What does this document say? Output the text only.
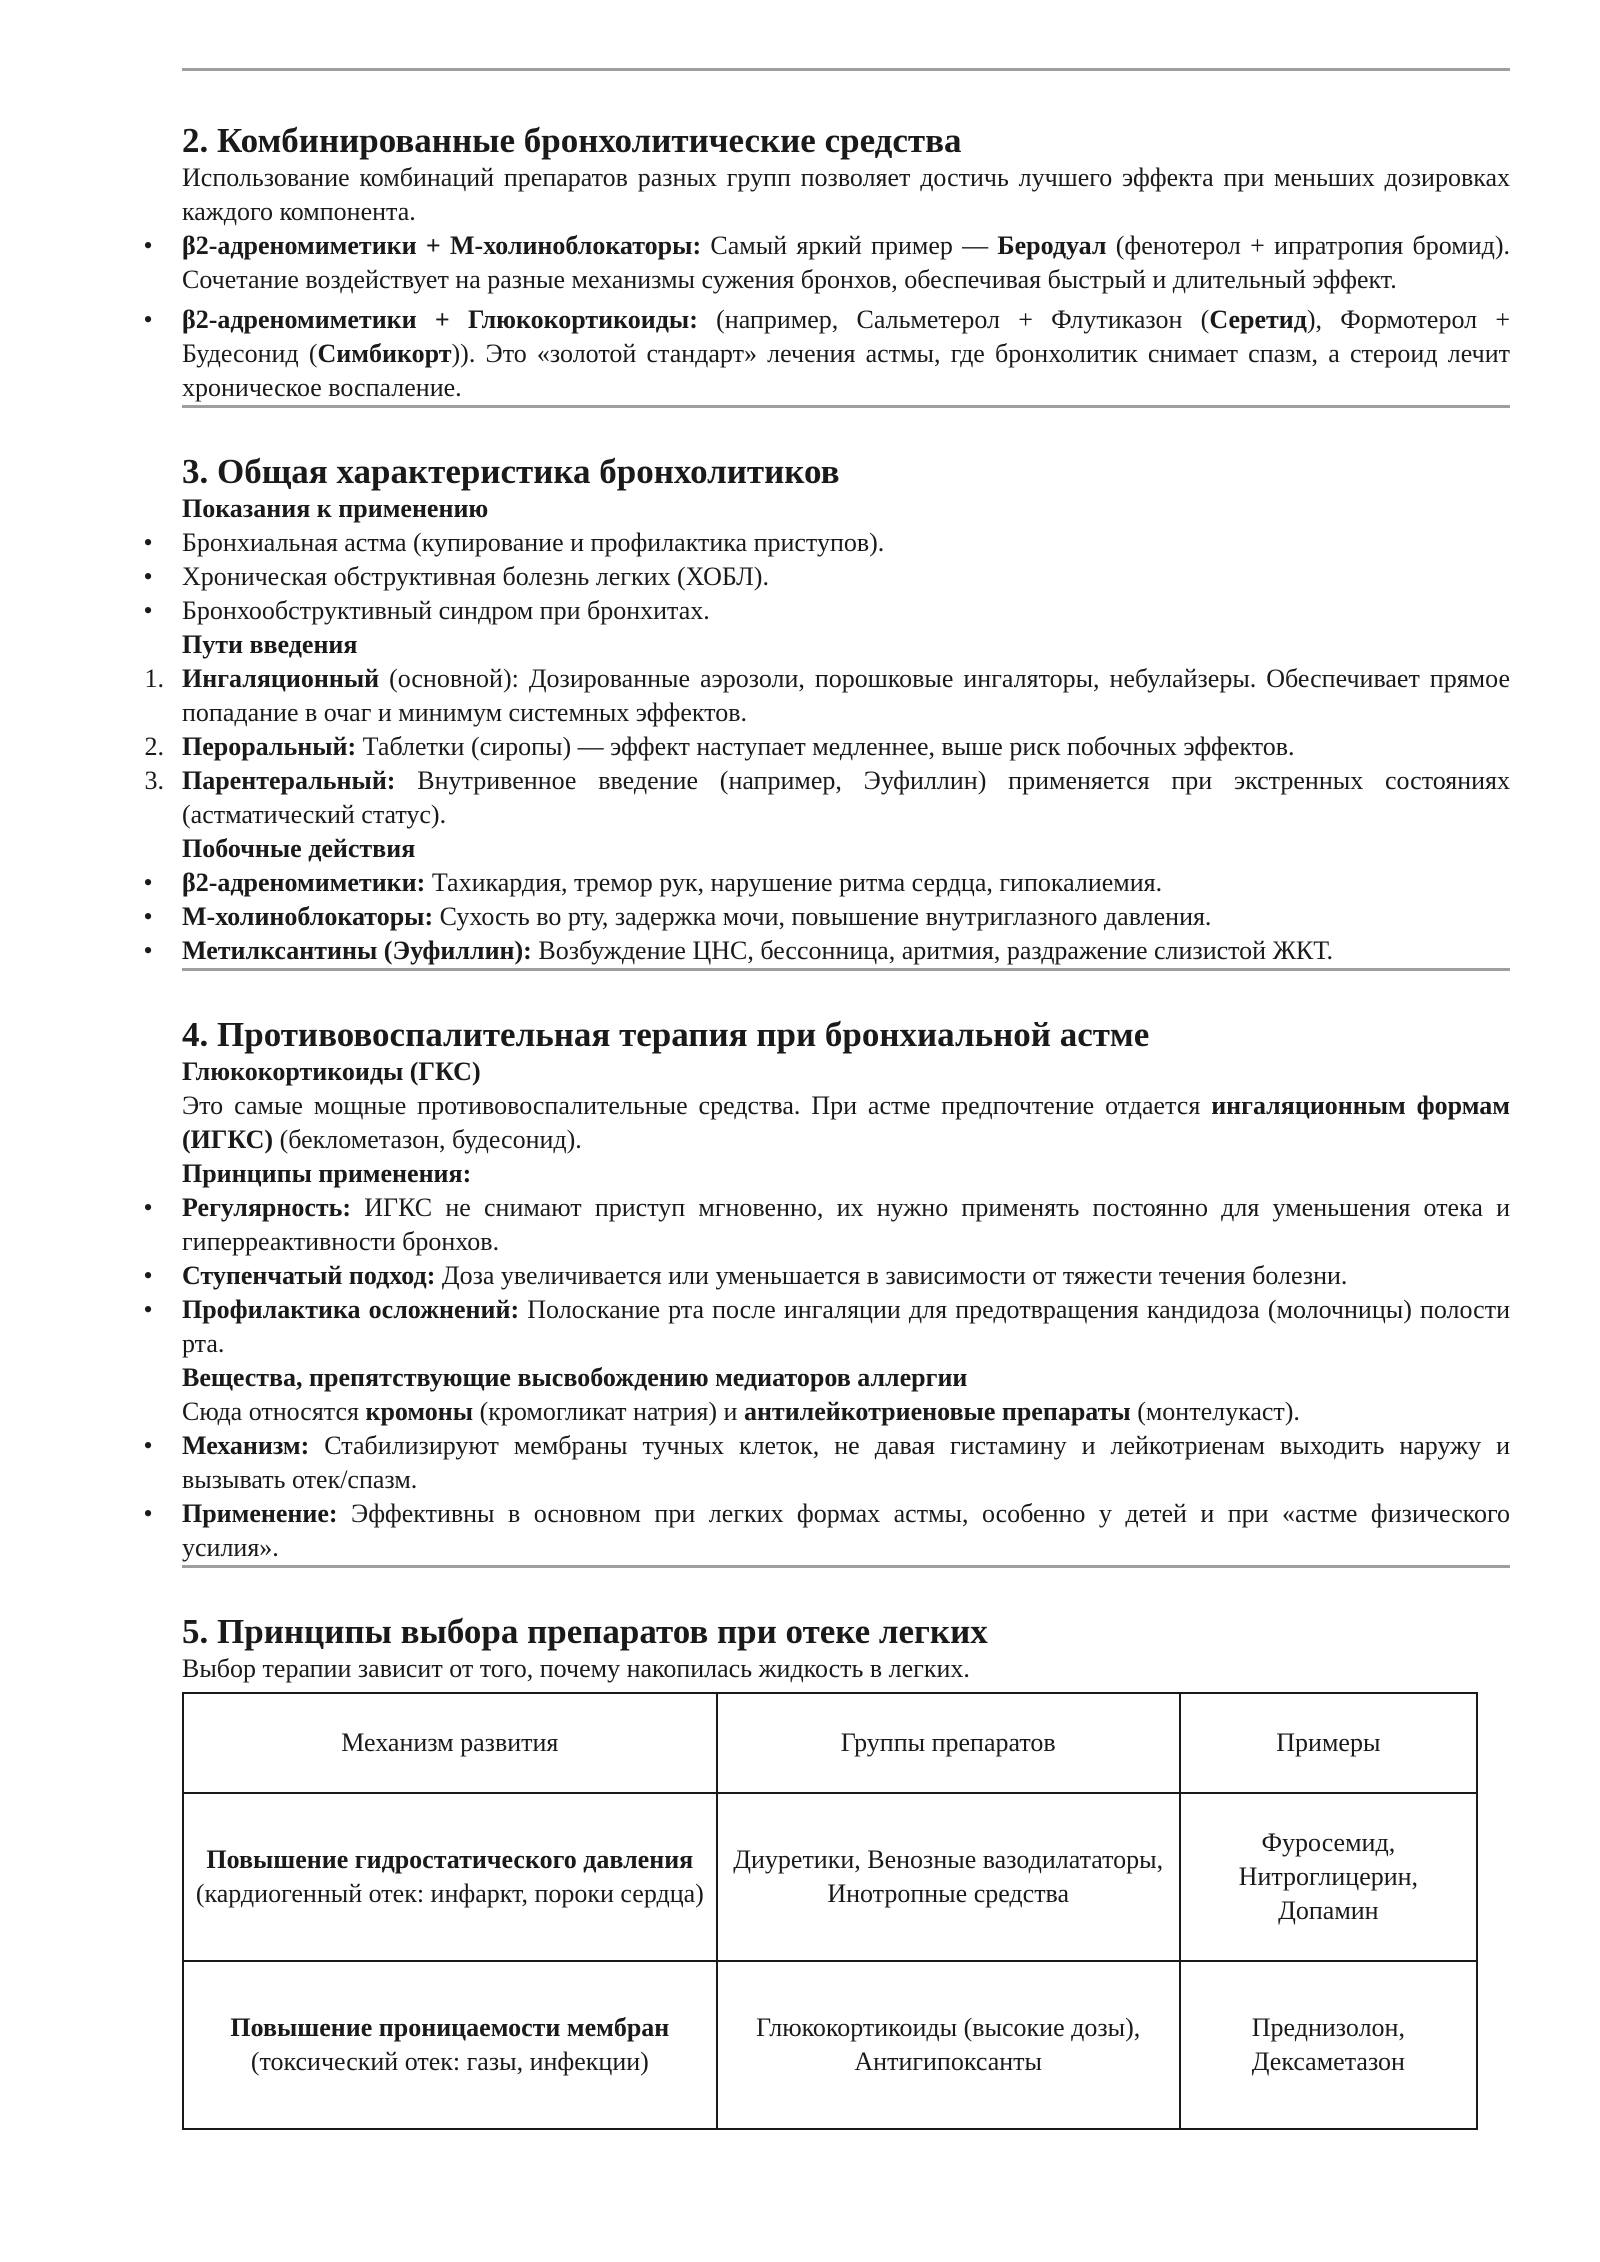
2. Комбинированные бронхолитические средства

Использование комбинаций препаратов разных групп позволяет достичь лучшего эффекта при меньших дозировках каждого компонента.

•	β2-адреномиметики + М-холиноблокаторы: Самый яркий пример — Беродуал (фенотерол + ипратропия бромид). Сочетание воздействует на разные механизмы сужения бронхов, обеспечивая быстрый и длительный эффект.
•	β2-адреномиметики + Глюкокортикоиды: (например, Сальметерол + Флутиказон (Серетид), Формотерол + Будесонид (Симбикорт)). Это «золотой стандарт» лечения астмы, где бронхолитик снимает спазм, а стероид лечит хроническое воспаление.
3. Общая характеристика бронхолитиков
Показания к применению
•	Бронхиальная астма (купирование и профилактика приступов).
•	Хроническая обструктивная болезнь легких (ХОБЛ).
•	Бронхообструктивный синдром при бронхитах.
Пути введения
1. Ингаляционный (основной): Дозированные аэрозоли, порошковые ингаляторы, небулайзеры. Обеспечивает прямое попадание в очаг и минимум системных эффектов.
2. Пероральный: Таблетки (сиропы) — эффект наступает медленнее, выше риск побочных эффектов.
3. Парентеральный: Внутривенное введение (например, Эуфиллин) применяется при экстренных состояниях (астматический статус).
Побочные действия
•	β2-адреномиметики: Тахикардия, тремор рук, нарушение ритма сердца, гипокалиемия.
•	М-холиноблокаторы: Сухость во рту, задержка мочи, повышение внутриглазного давления.
•	Метилксантины (Эуфиллин): Возбуждение ЦНС, бессонница, аритмия, раздражение слизистой ЖКТ.
4. Противовоспалительная терапия при бронхиальной астме
Глюкокортикоиды (ГКС)

Это самые мощные противовоспалительные средства. При астме предпочтение отдается ингаляционным формам (ИГКС) (беклометазон, будесонид).

Принципы применения:
•	Регулярность: ИГКС не снимают приступ мгновенно, их нужно применять постоянно для уменьшения отека и гиперреактивности бронхов.
•	Ступенчатый подход: Доза увеличивается или уменьшается в зависимости от тяжести течения болезни.
•	Профилактика осложнений: Полоскание рта после ингаляции для предотвращения кандидоза (молочницы) полости рта.
Вещества, препятствующие высвобождению медиаторов аллергии

Сюда относятся кромоны (кромогликат натрия) и антилейкотриеновые препараты (монтелукаст).

•	Механизм: Стабилизируют мембраны тучных клеток, не давая гистамину и лейкотриенам выходить наружу и вызывать отек/спазм.
•	Применение: Эффективны в основном при легких формах астмы, особенно у детей и при «астме физического усилия».
5. Принципы выбора препаратов при отеке легких

Выбор терапии зависит от того, почему накопилась жидкость в легких.

Механизм развития	Группы препаратов	Примеры
Повышение гидростатического давления (кардиогенный отек: инфаркт, пороки сердца)	Диуретики, Венозные вазодилататоры, Инотропные средства	Фуросемид, Нитроглицерин, Допамин
Повышение проницаемости мембран (токсический отек: газы, инфекции)	Глюкокортикоиды (высокие дозы), Антигипоксанты	Преднизолон, Дексаметазон
